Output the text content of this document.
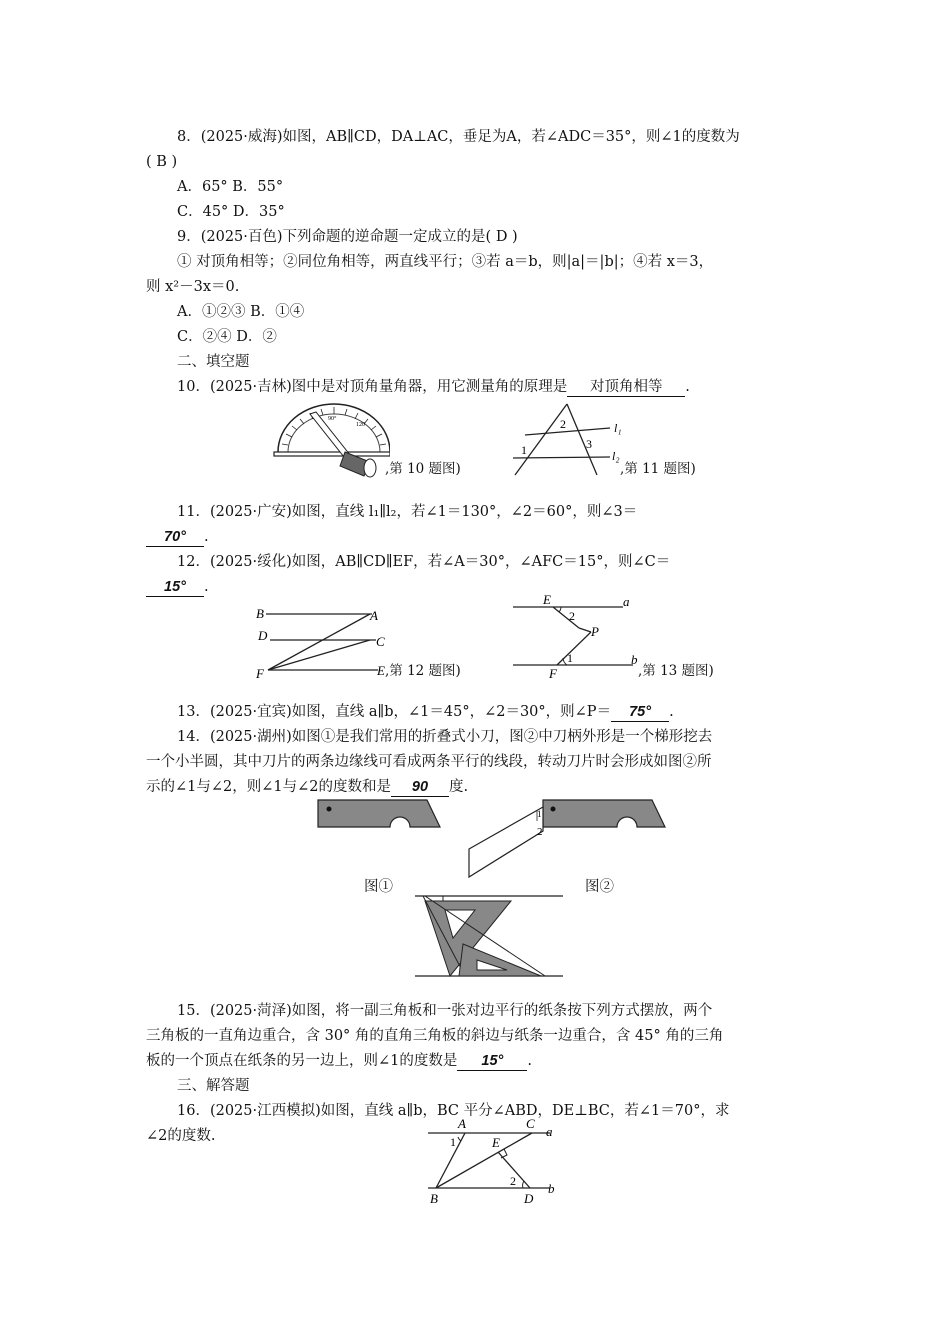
8．(2025·威海)如图，AB∥CD，DA⊥AC，垂足为A，若∠ADC＝35°，则∠1的度数为
( B )
A．65° B．55°
C．45° D．35°
9．(2025·百色)下列命题的逆命题一定成立的是( D )
① 对顶角相等；②同位角相等，两直线平行；③若 a＝b，则|a|＝|b|；④若 x＝3，
则 x²－3x＝0.
A．①②③ B．①④
C．②④ D．②
二、填空题
10．(2025·吉林)图中是对顶角量角器，用它测量角的原理是 对顶角相等 .
90°
120
,第 10 题图)
l₁
l₂
1
2
3
,第 11 题图)
11．(2025·广安)如图，直线 l₁∥l₂，若∠1＝130°，∠2＝60°，则∠3＝
70° .
12．(2025·绥化)如图，AB∥CD∥EF，若∠A＝30°，∠AFC＝15°，则∠C＝
15° .
B	A
D	C
F	E ,第 12 题图)
E	a
2
P
1
F
b
,第 13 题图)
13．(2025·宜宾)如图，直线 a∥b，∠1＝45°，∠2＝30°，则∠P＝ 75° .
14．(2025·湖州)如图①是我们常用的折叠式小刀，图②中刀柄外形是一个梯形挖去
一个小半圆，其中刀片的两条边缘线可看成两条平行的线段，转动刀片时会形成如图②所
示的∠1与∠2，则∠1与∠2的度数和是 90 度.
2
1
图①	图②
15．(2025·菏泽)如图，将一副三角板和一张对边平行的纸条按下列方式摆放，两个
三角板的一直角边重合，含 30° 角的直角三角板的斜边与纸条一边重合，含 45° 角的三角
板的一个顶点在纸条的另一边上，则∠1的度数是 15° .
三、解答题
16．(2025·江西模拟)如图，直线 a∥b，BC 平分∠ABD，DE⊥BC，若∠1＝70°，求
∠2的度数.
A	C
a
E
1
2
B	D
b
